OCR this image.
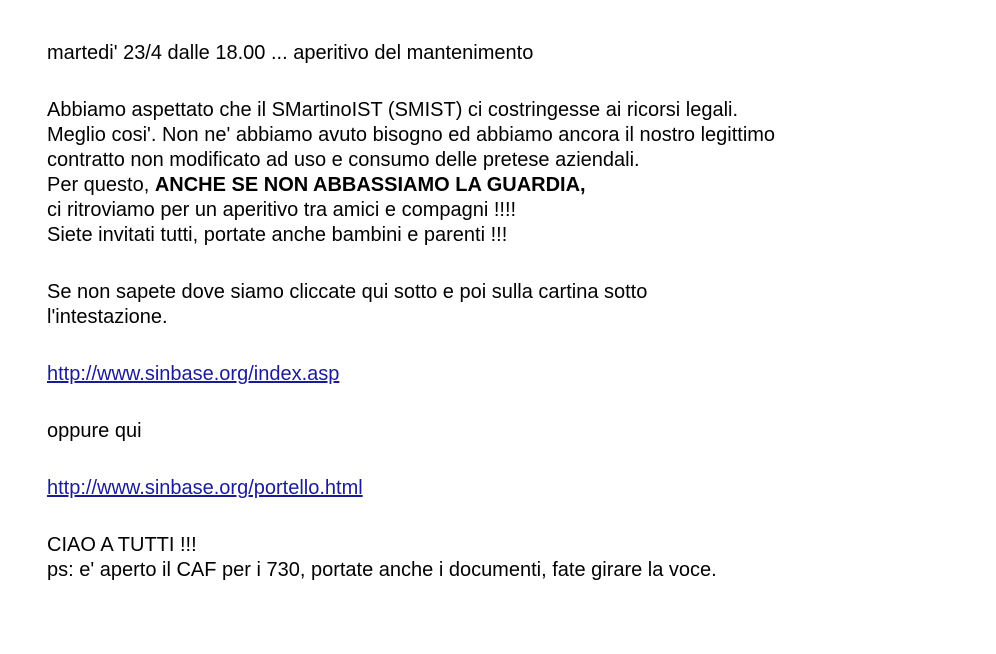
martedi' 23/4 dalle 18.00 ... aperitivo del mantenimento
Abbiamo aspettato che il SMartinoIST (SMIST) ci costringesse ai ricorsi legali.
Meglio cosi'. Non ne' abbiamo avuto bisogno ed abbiamo ancora il nostro legittimo
contratto non modificato ad uso e consumo delle pretese aziendali.
Per questo, ANCHE SE NON ABBASSIAMO LA GUARDIA,
ci ritroviamo per un aperitivo tra amici e compagni !!!!
Siete invitati tutti, portate anche bambini e parenti !!!
Se non sapete dove siamo cliccate qui sotto e poi sulla cartina sotto
l'intestazione.
http://www.sinbase.org/index.asp
oppure qui
http://www.sinbase.org/portello.html
CIAO A TUTTI !!!
ps: e' aperto il CAF per i 730, portate anche i documenti, fate girare la voce.
